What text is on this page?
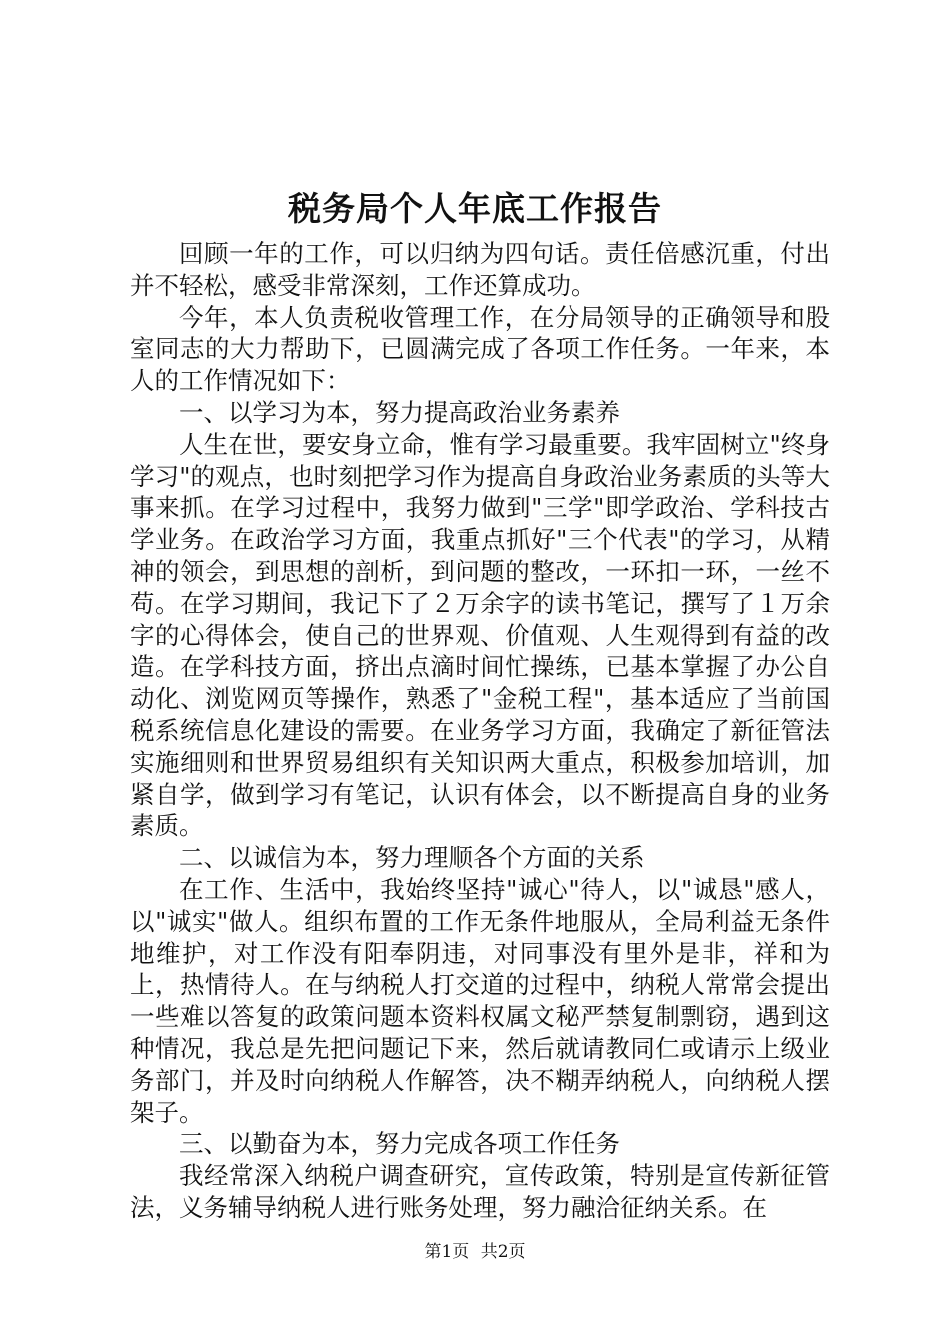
税务局个人年底工作报告

回顾一年的工作，可以归纳为四句话。责任倍感沉重，付出并不轻松，感受非常深刻，工作还算成功。

今年，本人负责税收管理工作，在分局领导的正确领导和股室同志的大力帮助下，已圆满完成了各项工作任务。一年来，本人的工作情况如下：

一、以学习为本，努力提高政治业务素养

人生在世，要安身立命，惟有学习最重要。我牢固树立"终身学习"的观点，也时刻把学习作为提高自身政治业务素质的头等大事来抓。在学习过程中，我努力做到"三学"即学政治、学科技古学业务。在政治学习方面，我重点抓好"三个代表"的学习，从精神的领会，到思想的剖析，到问题的整改，一环扣一环，一丝不苟。在学习期间，我记下了２万余字的读书笔记，撰写了１万余字的心得体会，使自己的世界观、价值观、人生观得到有益的改造。在学科技方面，挤出点滴时间忙操练，已基本掌握了办公自动化、浏览网页等操作，熟悉了"金税工程"，基本适应了当前国税系统信息化建设的需要。在业务学习方面，我确定了新征管法实施细则和世界贸易组织有关知识两大重点，积极参加培训，加紧自学，做到学习有笔记，认识有体会，以不断提高自身的业务素质。

二、以诚信为本，努力理顺各个方面的关系

在工作、生活中，我始终坚持"诚心"待人，以"诚恳"感人，以"诚实"做人。组织布置的工作无条件地服从，全局利益无条件地维护，对工作没有阳奉阴违，对同事没有里外是非，祥和为上，热情待人。在与纳税人打交道的过程中，纳税人常常会提出一些难以答复的政策问题本资料权属文秘严禁复制剽窃，遇到这种情况，我总是先把问题记下来，然后就请教同仁或请示上级业务部门，并及时向纳税人作解答，决不糊弄纳税人，向纳税人摆架子。

三、以勤奋为本，努力完成各项工作任务

我经常深入纳税户调查研究，宣传政策，特别是宣传新征管法，义务辅导纳税人进行账务处理，努力融洽征纳关系。在

第1页 共2页
